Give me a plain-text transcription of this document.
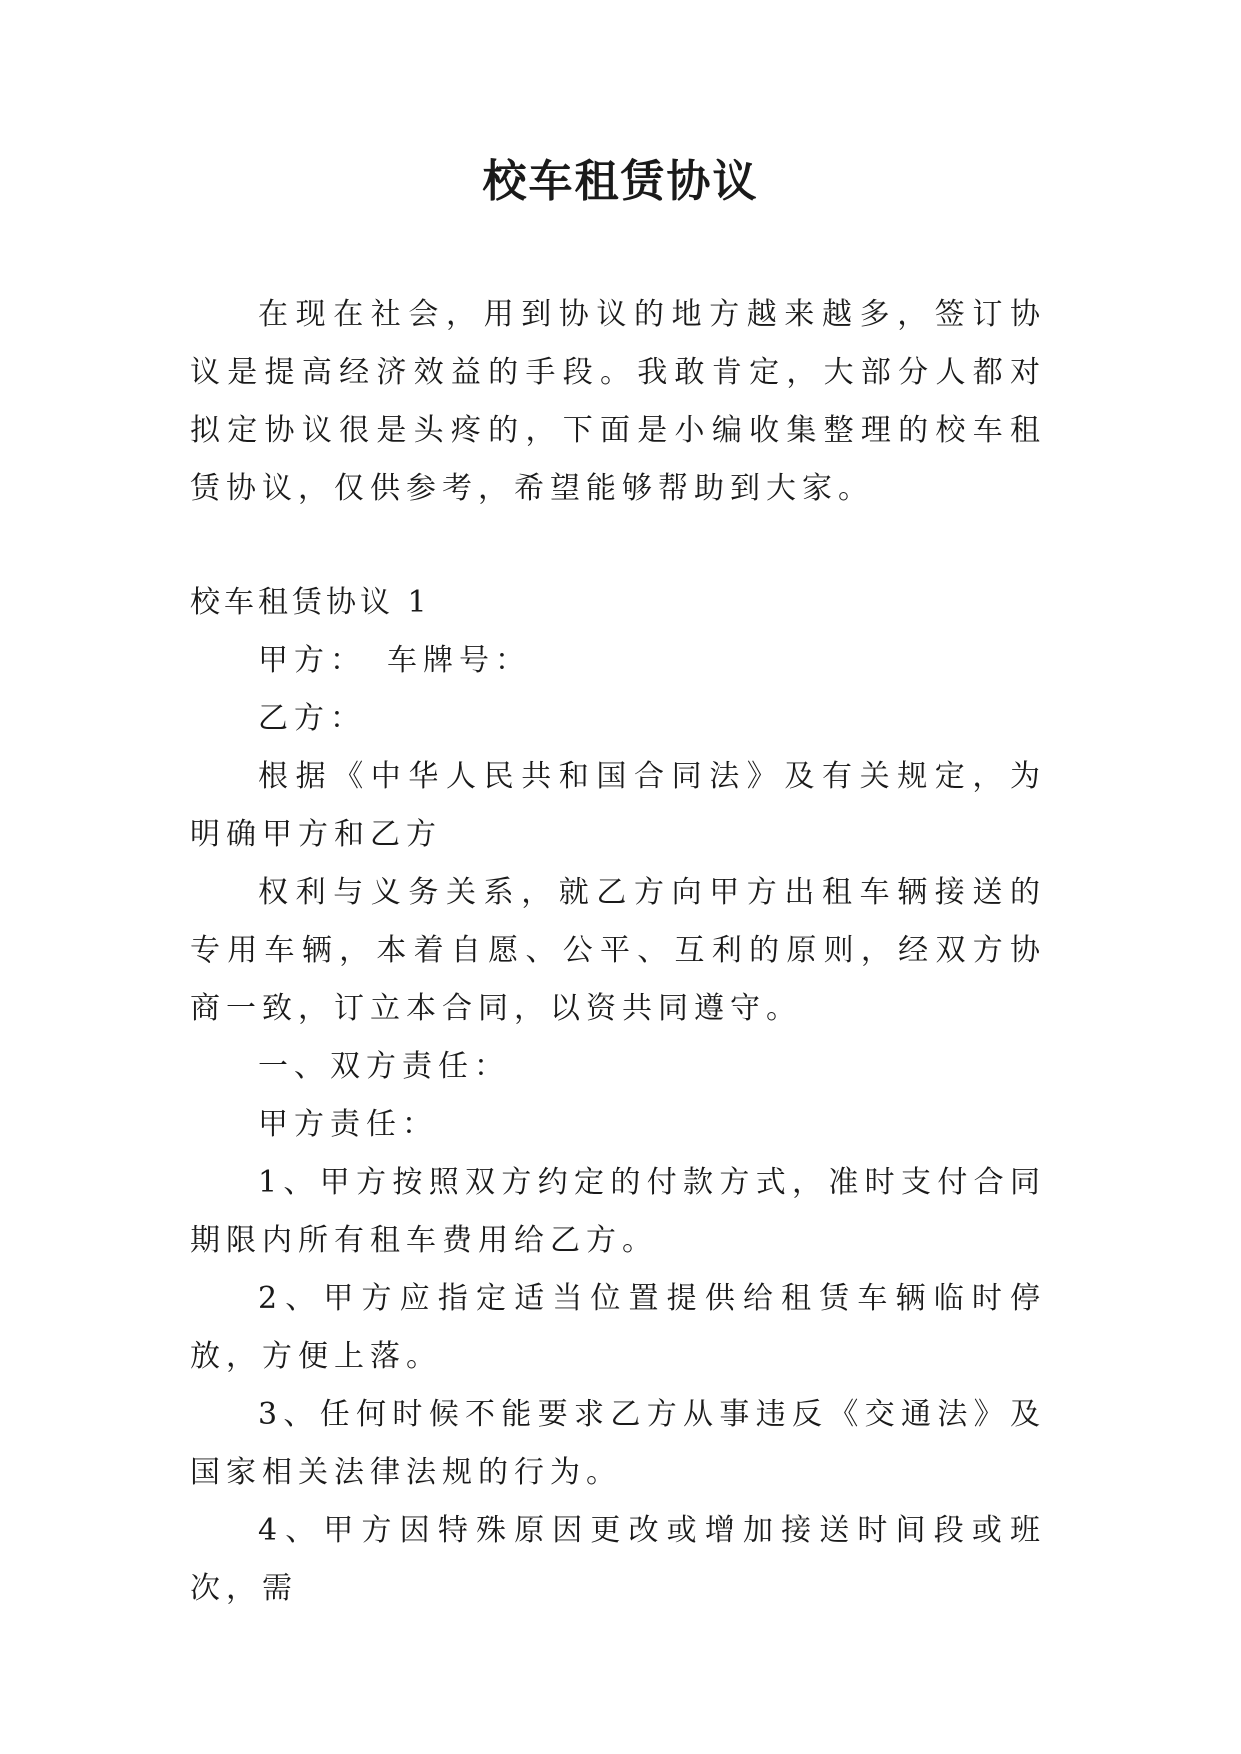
校车租赁协议

在现在社会，用到协议的地方越来越多，签订协议是提高经济效益的手段。我敢肯定，大部分人都对拟定协议很是头疼的，下面是小编收集整理的校车租赁协议，仅供参考，希望能够帮助到大家。

校车租赁协议 1

甲方：　车牌号：

乙方：

根据《中华人民共和国合同法》及有关规定，为明确甲方和乙方

权利与义务关系，就乙方向甲方出租车辆接送的专用车辆，本着自愿、公平、互利的原则，经双方协商一致，订立本合同，以资共同遵守。

一、双方责任：

甲方责任：

1、甲方按照双方约定的付款方式，准时支付合同期限内所有租车费用给乙方。

2、甲方应指定适当位置提供给租赁车辆临时停放，方便上落。

3、任何时候不能要求乙方从事违反《交通法》及国家相关法律法规的行为。

4、甲方因特殊原因更改或增加接送时间段或班次，需
